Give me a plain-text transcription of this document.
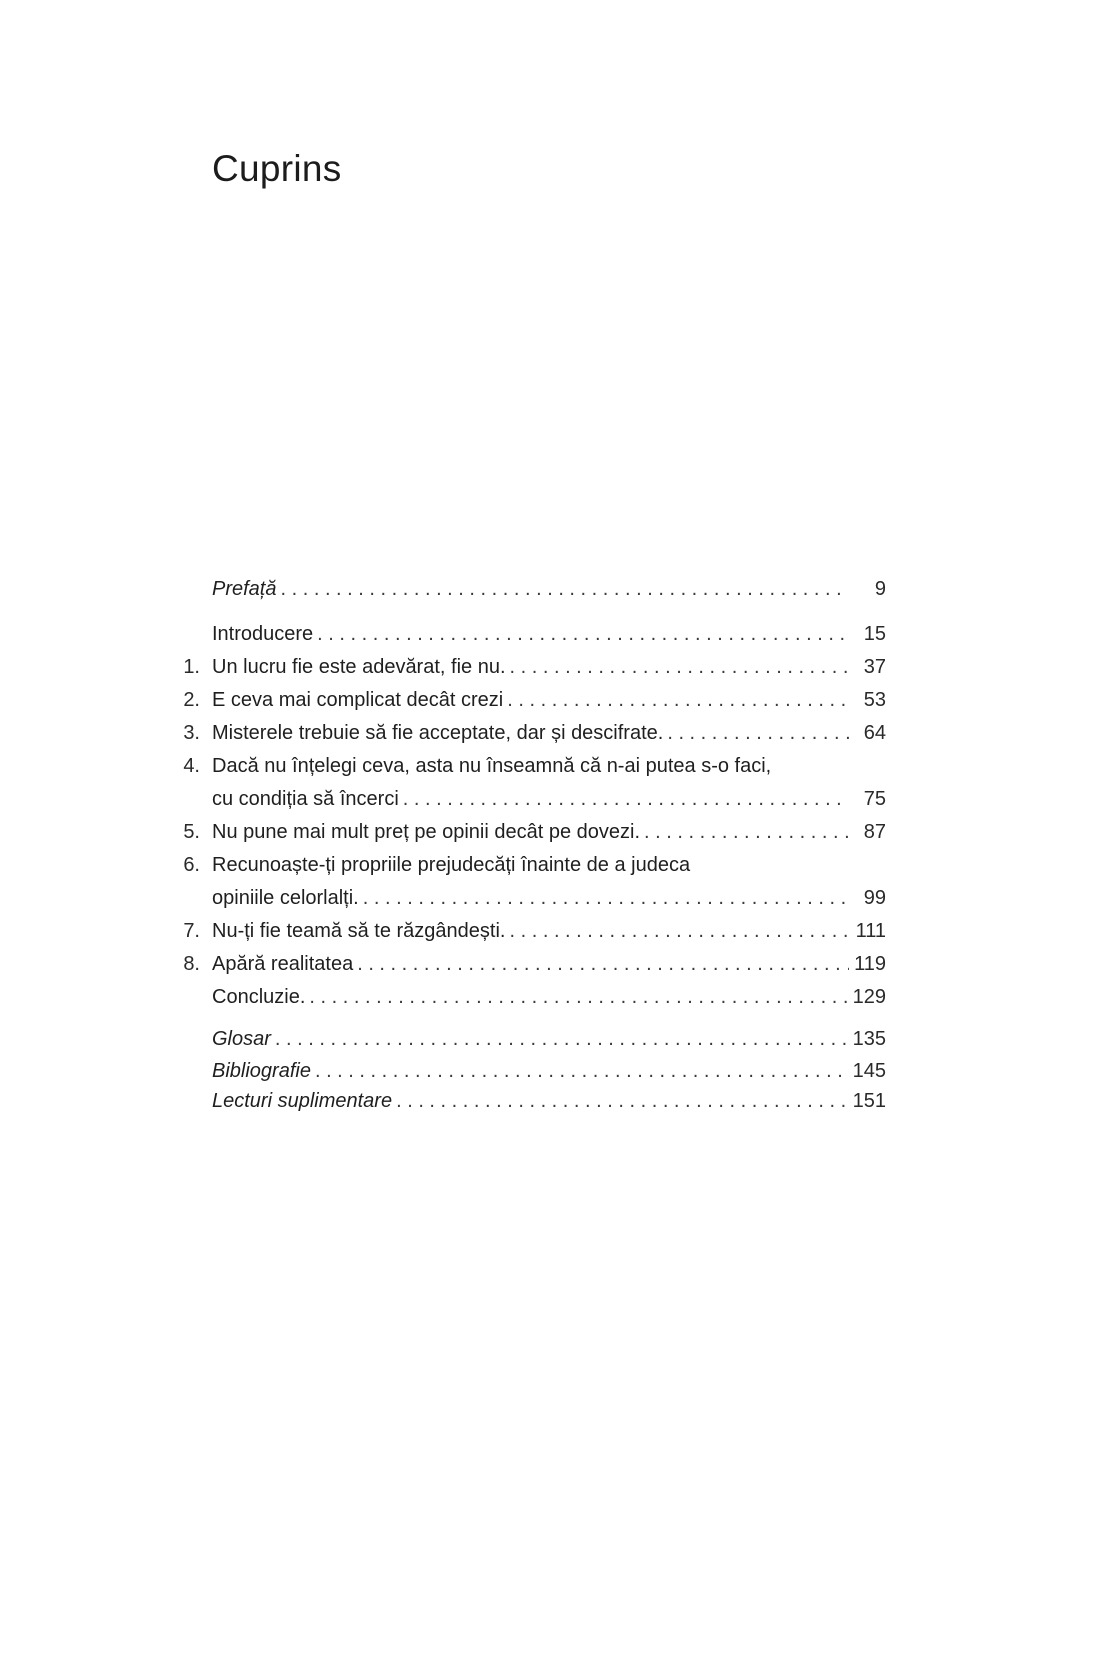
Cuprins
Prefață . . .	9
Introducere . . .	15
1. Un lucru fie este adevărat, fie nu. . . .	37
2. E ceva mai complicat decât crezi . . .	53
3. Misterele trebuie să fie acceptate, dar și descifrate. . . .	64
4. Dacă nu înțelegi ceva, asta nu înseamnă că n-ai putea s-o faci,
cu condiția să încerci . . .	75
5. Nu pune mai mult preț pe opinii decât pe dovezi. . . .	87
6. Recunoaște-ți propriile prejudecăți înainte de a judeca
opiniile celorlalți. . . .	99
7. Nu-ți fie teamă să te răzgândești. . . .	111
8. Apără realitatea . . .	119
Concluzie. . . .	129
Glosar . . .	135
Bibliografie . . .	145
Lecturi suplimentare . . .	151
